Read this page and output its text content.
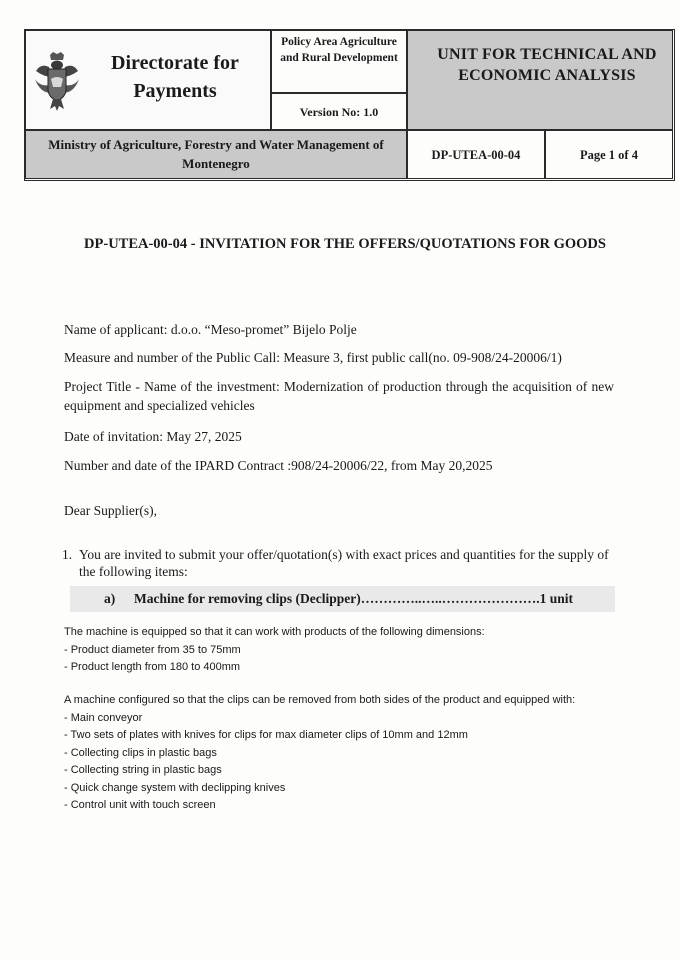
Directorate for Payments
Policy Area Agriculture and Rural Development
Version No: 1.0
UNIT FOR TECHNICAL AND ECONOMIC ANALYSIS
Ministry of Agriculture, Forestry and Water Management of Montenegro
DP-UTEA-00-04	Page 1 of 4
DP-UTEA-00-04 - INVITATION FOR THE OFFERS/QUOTATIONS FOR GOODS
Name of applicant: d.o.o. “Meso-promet” Bijelo Polje
Measure and number of the Public Call: Measure 3, first public call(no. 09-908/24-20006/1)
Project Title - Name of the investment: Modernization of production through the acquisition of new equipment and specialized vehicles
Date of invitation: May 27, 2025
Number and date of the IPARD Contract :908/24-20006/22, from May 20,2025
Dear Supplier(s),
1. You are invited to submit your offer/quotation(s) with exact prices and quantities for the supply of the following items:
a) Machine for removing clips (Declipper)…………..…..………………….1 unit
The machine is equipped so that it can work with products of the following dimensions:
- Product diameter from 35 to 75mm
- Product length from 180 to 400mm
A machine configured so that the clips can be removed from both sides of the product and equipped with:
- Main conveyor
- Two sets of plates with knives for clips for max diameter clips of 10mm and 12mm
- Collecting clips in plastic bags
- Collecting string in plastic bags
- Quick change system with declipping knives
- Control unit with touch screen
